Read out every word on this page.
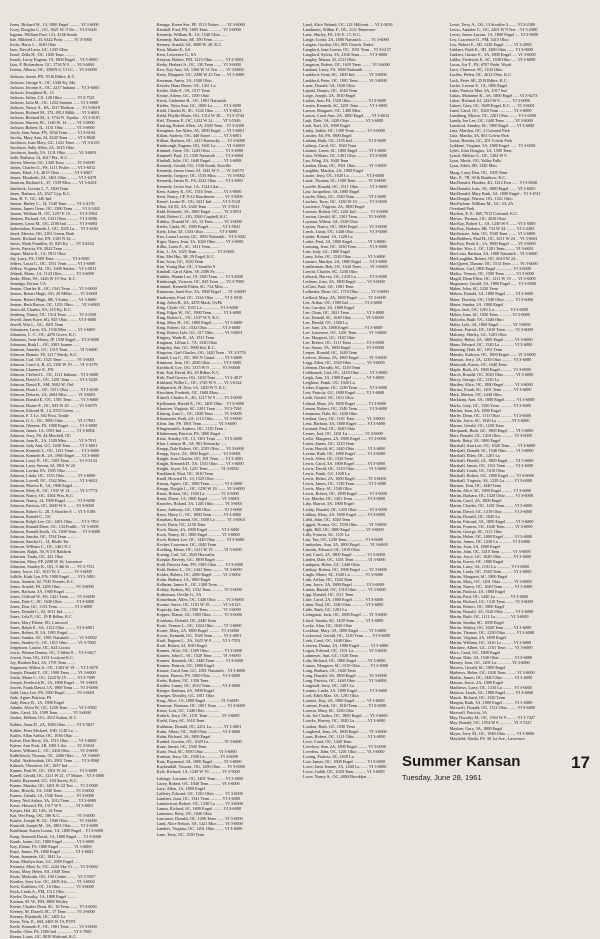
Ivens, Richard W., 13, 1800 Engel .......... VI 3-6000
Ivory, Douglas C., GC, 5621 W. 9 Ter ... VI 3-6441
Ingram, William Paul, 131, 4146 South
Isle, Mildred J., 43, 6322 Princ ......... VI 3-5000
Irwin, Harry L., 1040 Ohio
Izzo, David Leon, GC, 1235 Ohio
Israel, Zella H., OC, 1020 Tenn ...........
Israeli, Leroy Eugene, 19, 1800 Engel ... VI 3-6000
Izzo, P. Richardson, GC, 1734 N 9 ...... VI 3-6861
Ivrieta, Alberta, OC, 3500N 6, T.O.C. ... VI 3-6000
Jackson, Annie, PN, 39 & Rdbre, K.C.
Jackson, George S., OC, 1340 Ky, Mo.
Jackson, Jerome A., OC, 2217 Indiana .... VI 3-6003
Jackson, Josephine R., 13
Jackson, Julius, CA, 128 Ohio ............. VI 3-7521
Jackson, Julia M., OC, 1232 Stanton ...... VI 3-6000
Jackson, Nancy A., 8A, 1517 Hodson ...... VI 3-6618
Jackson, Richard M., 174, 4912 Milth ..... VI 3-6001
Jackson, Richard M., 3, 1734 N. Topeka .. VI 3-6101
Jackson, Warren, 8C, 1140 W. 14 ........ VI 3-5000
Jackson, Robert, IL, 1131 Ohio ........... VI 3-6000
Jacob, Jean Anna, FN, 1034 Tenn ........ VI 3-6104
Jacobs, Mary Ann, 24, 4220 Tenn ........ VI 3-8626
Jacobson, Joan Mary, GC, 1241 Tenn ...... VI 3-6153
Jacobson, Sally Allen, 2A, 1615 Ohio
Jacobson, Sandy, 5A, 1131 Ohio ........... VI 3-6001
Jaffe, Barbara, 14, 2617 Pla., K.C. ...
Jaiven, Marvin, GC, 1320 Tenn ........... VI 3-6000
James, Charles G., FS, 1111 Fisher ...... VI 3-6012
James, Ethel, 1A, 4015 Ohio ............. VI 3-6007
James, Elizabeth, 2A, 1401 Ohio .......... VI 3-6478
Jamison, Richard L., 47, 1539 Miss ...... VI 3-6204
Jancheck, Loretta J., 7, 1300 Tenn
Janes, Barbara, 2A, 2527 Cyp, K.C.
Jans, R. V., GC, 340 Ind
Jansen, Harley C., 14, 1540 Tenn ........ VI 3-4176
Jansen, James Gene, OC, 1500 Tenn ........ VI 3-5441
Jansen, William H., OC, 1257 E 19 ....... VI 3-5904
Jantzen, Richard, 3A, 1431 Ohio ........... VI 3-6906
Jantzen, Leota M., OC, 2100 Ind ........... VI 3-6004
Jaskevtskas, Kenneth J., OC, 1025 La .... VI 3-6102
Jared, Mervin, OG, 2101 Green, Berk
Jarrett, Richard Joe, FN, 1301 N 34 ....
Jarvis, Mark Franklin, 31, 845 Ky ...... VI 3-4234
Jarvis, Patricia, FS, 2042 Tenn ..........
Jasper, Mattie E., 1A, 5011 Ohio
Jay, Larry, FS, 1500 Tenn ................ VI 3-6001
Jeffers, Lucia C., OC, 1551 Tenn ......... VI 3-6000
Jeffrey, Virginia M., OC, 1600 Sutters .. VI 3-5031
Jelinek, Marie, 1A, 1123 Ohio ............ VI 3-6000
Jenks, Ellen, 8A, 1426 W 19 Terr, K.C.
Jennings, Kirton, CA
Jensen, Charles K., OC, 1541 Tenn ....... VI 3-6000
Jensen, Robert Hugh, OG, 20 Miller ...... VI 3-6601
Jensen, Robert Hugh, SB, 3 Sutter ........ VI 3-6600
Jensen, Barb Brown, OC, 1251 Ohio ....... VI 3-6000
Jensvold, Charles, 8A, 215 Ky, K.C.
Jernberg, Nancy, OC, 1514 Tenn ........... VI 3-5581
Jewell, Janet Kaye, 6G, 945 Ohio ......... VI 3-6000
Jewell, Wm L., GC, 1601 Tenn
Johannsen, Larry, 3A, 1530 Miss ......... VI 3-6005
Johansen, C. C., OC, 4276 Grove, K.C.
Johansen, Gene Henry, IP, 1530 Engel .... VI 3-6000
Johansen, Ruth L., OC, 3303 Joanne ......
Johnson, Annette, GC, 1515 Tenn .......... VI 3-6000
Johnson, Bonnie, FS, 3217 Wardy, K.C.
Johnson, Carl, OC, 1525 Tenn ............. VI 3-6001
Johnson, Carol A, R, 43, 1350 W 19 ...... VI 3-3179
Johnson, Clarence E., FN
Johnson, Clifford L., OC, 1111 Indiana .. VI 3-6000
Johnson, David L., OC, 1201 Tenn ........ VI 3-5228
Johnson, David E., SM, 5602 W. Ord
Johnson, Dean L., OC, 1551 Ohio .......... VI 3-6230
Johnson, Delores, 2A, 2604 Miss ......... VI 3-6001
Johnson, Donald E., OC, 1501 Tenn ....... VI 3-6000
Johnson, Duane E., OC, 843 W 20 ........ VI 3-6079
Johnson, Edward H., 14, 5555 Green ......
Johnson, F. J. Le, 302 First, Trndle
Johnson, G. L., OC, 5000 Ohio ............ VI 3-7001
Johnson, Glennie, FS, 1900 Engel ......... VI 3-6000
Johnson, James, 1A, 1505 Ind ............. VI 3-6004
Johnson, Jerry, FS, 44 Mitchell, OC
Johnson, Joan K., 2A, 1529 Miss .......... VI 3-7911
Johnson, Judy Ann, GC, 1430 Tenn ....... VI 3-6001
Johnson, Kenneth L., OC, 1211 Tenn ...... VI 3-6000
Johnson, Kenneth R., 2A, 1900 Engel ..... VI 3-6600
Johnson, Larry N., OC, 1305 Tenn ........ VI 3-3134
Johnson, Larry Steven, 6J, 1801 W 24
Johnson, Lavina, 8A, 1505 Ohio ..........
Johnson, Linda, OC, 1333 Ohio ........... VI 3-6000
Johnson, Lowell, OC, 1542 Miss ........... VI 3-6022
Johnson, Marvin E., 3A, 1900 Engel ......
Johnson, Mary K., OC, 1535 W 14 ........ VI 3-7772
Johnson, Nancy, OC, 4104 Wm, K.C.
Johnson, Nancy, 14, 1900 Engel .......... VI 3-6000
Johnson, Patricia, OC, 2600 W 6 ........ VI 3-6000
Johnson, Robert G., 20, 3 Stouffer 8 .... VI 3-5186
Johnson, Ronald C., OC
Johnson, Rolph Lee, GC, 1201 Ohio ....... VI 3-7811
Johnson, Ronald Dene, OC, 134 Frnhls .. VI 3-6000
Johnson, Ronald Keith, 1A, 1300 Tenn .... VI 3-6000
Johnson, Sandra, OC, 1534 Tenn ..........
Johnson, Sandra G., 14, Bluffs Ter
Johnson, William C., OC, 1461 N 2
Johnston, Ralph, 30, N 3 S Baldwin
Johnston, Trudy, OC, 421 Ohio
Johnston, Mary, FP, 2208 W 16, Lawrence
Johnston, Stanley K., OG, 3 4th St ...... VI 3-7511
Joiner, Joyce, GC, 1615 W. 2 ............ VI 3-6000
Jolliffe, Kath Lyn, FN, 1900 Engel ...... VI 3-5001
Jonas, Annette, 6J, 7545 Everett, K.C.
Jones, Arnold, FS, 2205 Ohio ............. VI 3-6000
Jones, Barbara, 3A, 1900 Engel ..........
Jones, Clifford W., FS, 1421 Tenn ....... VI 3-6000
Jones, Dale C., 8C, 1630 Ohio ............ VI 3-6000
Jones, Don, GC, 1133 Tenn ............... VI 3-6000
Jones, Donald C., 6J, 1011 Ind ..........
Jones, Lela P., OC, 19 B Rdbre, K.C.
Jones, Mary Elaine, 8G, Linwood
Jones, Ralph E., SA, 1121 Ohio .......... VI 3-6001
Jones, Robert, R, 2A, 1801 Engel ........
Jones, Sandra, GC, 1801 Naismith ........ VI 3-6002
Jones, Stanley O., OC, 1811 Ohio ........ VI 3-7000
Jorgenson, Louise, OC, 624 Locust
Jorris, Winton Dennis, OC, 3 Stffer 8 ... VI 3-6617
Jowett, Ivan, OG, 2151 Lockout K.C.
Joy, Reuben Earl, 3A, 1701 Tenn ........
Jorgensen, Wilma A., OC, 1303 W 19 .... VI 3-6570
Joseph, Donald T., OC, 1900 Tenn ....... VI 3-6000
Joslin, Marie C., OC, 1224 W 19 ......... VI 3-7009
Joseph, Frederick B., 1A, 1800 Engel .... VI 3-6001
Jowett, Frank David, 1A, 1800 Tenn ...... VI 3-6000
Judd, Gary Lee, PS, 1500 Engel .......... VI 3-6001
Jude, Agnes Patricia, PS
Judy, Bruce R., 1A, 1800 Engel
Juhnke, Alvin W., OC, 1230 Tenn ......... VI 3-5500
Jules, Carol, 3A, 1509 Tenn ............. VI 3-6000
Jurden, Delbert, OG, 4512 Sutton, K.C.
Kahler, Anna D., 2A, 1040 Ohio ......... VI 3-5827
Kahler, Peter Michael, 10D, 1140 La ....
Kailin, Allan Arthur, OC, 1036 Ohio ......
Kaiser, Don Berry, 3A, 1515 Ohio ........ VI 3-6000
Kaiser, Ann Pratt, 2B, 1801 Lilac ........ VI 3-6041
Kaiser, William L., OC, 2416 Ohio ........ VI 3-6000
Kalbfleisch, Thomas, OC, 2406 Ohio ...... VI 3-6000
Kallal, Abdelwahab, OG, 2901 Tenn ....... VI 3-8560
Kalinch, Theodore, OC, 1037 Ind .........
Kamm, Paul W., GC, 1301 W 24 ........... VI 3-6000
Kanell, Gerald, OC, 1211 W 21, 17 Matter .. VI 3-5000
Kaniti, Raymond, GC, 104 Surrey, K.C.
Kanne, Marsha, OC, 1401 W 24 Terr ..... VI 3-5000
Kano, Hiroshi, 3A, 1040 Tenn ............ VI 3-6004
Kantor, Gerald, 1A, 1540 Tenn ........... VI 3-6000
Karny, Neil Arthur, 3A, 1012 Tenn ....... VI 3-6000
Kaser, Howard, FS, 1317 W 9 ............ VI 3-6001
Kasper, Hal, 20, 14A, 14 Tenn
Kat, Wei Pang, OG, 186 K.C. .............. VI 3-6000
Kaufer, Joseph H, GC, 1040 Ohio ......... VI 3-6000
Kaufold, Joseph M., 3A, 1801 Ohio ....... VI 3-6000
Kauffman, Karen Louise, 1A, 1800 Engel .. VI 3-6000
Kaup, Kenneth David, 1A, 1800 Engel ..... VI 3-6000
Kauth, Joann, GC, 1800 Engel ............ VI 3-6000
Kay, Elaine, FS, 1800 Engel ............. VI 3-6000
Kaye, James, FS, 1800 Engel ............. VI 3-6602
Kean, Jeannette, GC, 1841 La ............
Kean, Marilyn Jean, GC, 2005 Engel .....
Kearney, Mary Jo, OG, 2222 Sky Ct ...... VI 3-6002
Keast, Mary Helen, 8A, 1040 Tenn
Keats, Malcolm, OG, 100 Center ......... VI 3-5507
Keatley, Jerry Lee, OC, 2409 Ala ........ VI 3-6004
Keck, Kathleen, OC, 10 Ohio ............. VI 3-6000
Keck, Linda A., FM, 1512 Ohio ...........
Keeler, Dorothy, 1A, 1800 Engel .........
Keenan, M. W., FM, 3808 Wesley
Keene, Charles Dean, 8C, 10 Tenn ........ VI 3-6001
Keeney, M. Darrell, 8C, 17 Tenn ......... VI 3-6000
Keeney, Elizabeth, OC, 1402 La
Keest, Wm. E., 6M, 2405 W 19, PVFI
Keele, Kenneth F., OC, 1801 Tenn ........ VI 3-6000
Keelin, Olen, FS, 1500 Ind ............... VI 3-7000
Keena, Louis, OC, 8010 Walrond, K.C.
Kenage, Karen Sue, FF, 1513 Naism ...... VI 3-6000
Kendall, Fred, PN, 1805 Tenn ............. VI 3-6000
Kennedy, William R., 1A, 1540 Ohio ......
Kennedy, Barbara, 6E, 100 Tenn ...........
Kenney, Arnold, 6A, 3000 W. 40, K.C.
Kent, Martin E., 6A
Kent, Lawrence G., 6A
Kenyon, Robert, FM, 1215 Ohio ........... VI 3-5002
Kerby, Herbert Jr., OC, 130 Tenn ........ VI 3-6000
Kerr, Kay Ann, 3A, 1300 W 31 Terr ...... VI 3-6000
Kertz, Margaret, OC, 2300 W 23 Terr .... VI 3-6000
Kerzman, Amos, 3A, 1500 Ohio
Kessler, Hans Dieter, OC, 1411 La
Kettler, Dale F., 3A, 1517 Tenn
Keune, Arlene, GC, 1100 Ohio
Kieck, Catherine H., OC, 1801 Naismith
Kieffer, Neva Ann, GC, 1000 La ......... VI 3-6000
Kiehl, Charles R., 8C, 1532 Ohio ........ VI 3-6823
Kiehl, Phyllis Marie, OG, 1314 W 30 .... VI 3-3744
Kiel, Thomas P., OC, 1232 W 24 ........ VI 3-5346
Kiesling, Robert Allen, 1A, 2300 Tenn .. VI 3-6300
Kemptner, Jon Allen, 3A, 1800 Engel .... VI 3-6001
Kilian, Andrew, OG, 440 Street ........... VI 3-6001
Killian, Barbara, OC, 1411 Kentucky ..... VI 3-6000
Kimbrough, Eugene, OG, 1601 La ......... VI 3-6000
Kimmel, Gene, OC, 1245 Ohio ............. VI 3-6000
Kimmell, Paul, 13, 1330 Naismith ........ VI 3-6004
Kimball, Julie, OC, 1640 Engel ........... VI 3-6008
Kennedy, Gerald, OG, 1530 South, Kmville
Kennedy, James Gene, 6J, 1441 W 9 ..... VI 3-6579
Kennedy, Gregory, OC, 1516 Miss ......... VI 3-6002
Kennedy, James R., FS, 2223 Ohio ....... VI 3-6001
Kennedy, Lewis Sue, 1A, 1124 Lilac ......
Kent, Audrey E., OC, 1516 Tenn ......... VI 3-6000
Kent, Nancy, CF, 9-12 Hawthorne ........ VI 3-5000
Ketzel, Lester D., OG, 1621 Ind ......... VI 3-5118
Khan, Ali M., 3A, 2320 Tenn ............. VI 3-5021
Kidd, Kenneth, 3A, 1800 Engel ........... VI 3-5051
Kidd, Robert C., OG, 2560 Crsphell, K.C.
Kiddoo, Donald W., 3A, 12 Tenn ......... VI 3-6000
Kiefer, Linda, 8C, 1800 Engel ............ VI 3-5041
Kiely, John, 3Z, 1333 Ohio .............. VI 3-6000
Kier, Laura Lavern, GC, 1800 Naismith .. VI 3-5041
Kiger, Nancy Jean, 3A, 1020 Ohio ........ VI 3-6000
Killin, Louis E., 6C, 1411 Tenn .........
Kim, J., 3A, 1025 Tenn .................. VI 3-6001
Kim, Mei Hui, 3B, 29 Engel, K.C.
Kim, Soon, GC, 1020 Tenn
Kim, Young Bae, OC, 3 Stouffer 8
Kimball, Carol Allen, 3F, 2306 Pa ........
Kimber, Wanda Lee, 19, 1500 Tenn ...... VI 3-2000
Kimbrough, Victoria, OC, 843 Tenn ...... VI 3-7880
Kimmel, Kenneth Elden, 6C, 714 Miss ....
Kimmons, Janet Eve, 3A, 1800 Engel ..... VI 3-6000
Kindsvater, Fred, OC, 1334 Ohio ......... VI 3-5010
King, Arlen R., 6A, 4278 Mach, OvPk
King, Clyde, OC, 1031 La ................ VI 3-6000
King, Edgar W., OC, 1900 Tenn .......... VI 3-6000
King, Robert L., OC, 1537 W 9, K.C.
King, Mary H., OC, 1800 Engel ........... VI 3-6000
King, Robert, GC, 1532 Ohio ............. VI 3-6000
King, Robert Lyle, GC, 317 Ohio ......... VI 3-6001
Kingery, Wade R., 3A, 1511 Tenn
Kingman, Lillian J., 7A, 1520 Ohio
Kingsley, Sue, GC, 5900 Ind, K.C.
Kingston, Gail Charles, OG, 1420 Tenn .. VI 3-3776
Kinnel, Lou C., OC, 300 N Grand ........ VI 3-6000
Kinnison, Jean, OC, 2030 Ohio ........... VI 3-6000
Kirchhoff, Lee, OG, 1315 W 9 ........... VI 3-6000
Kirk, Earl David, 6G, 29 Rdbre, K.C.
Kirk, Paul Grover, OG, 1204 Tenn ....... VI 3-4017
Kirkland, Willie L., OC, 1745 W 9 ...... VI 3-6124
Kirkpatrick, H. Don, 1A, 1200 W 9, K.C.
Kirschten, Frederik, OC, 1600 Mass ......
Kittrell, Charles A., 4G, 1217 W 9 ....... VI 3-6000
Kjellstrand, Harold E., OC, 1405 Ohio .. VI 3-6000
Klaassen, Virginia, 6C, 1201 Tenn ....... VI 3-7261
Klasing, Joan C., OC, 1020 Tenn ......... VI 3-6000
Klausmeier, Ruth, 2A, 1115 Ohio ........ VI 3-6000
Klein, Jim, PS, 1801 Tenn ............... VI 3-6000
Klingensmith, Andrew, OC, 1135 Tenn ...
Klinkerman, Patricia, PS, 1800 Engel ...
Klotz, Stanley, OC, 13, 1301 Tenn ....... VI 3-4000
Klun, Lorenzo H., 3A, 901 Kentucky ......
Knapp, Dale Robert, OC, 2105 Ohio ..... VI 3-6000
Knapp, Joyce, 2A, 1800 Engel ............ VI 3-6001
Knight, Joan Charles, OC, 501 Tenn ..... VI 3-4001
Knight, Kenneth D., 5A, 1531 Ohio ...... VI 3-6000
Knight, Joyce, 3A, 1221 Tenn ........... VI 3-6002
Knoblauch, Paul, OC, 1610 Tenn
Knoll, Howard H., 13, 1525 Ohio ........
Knoop, Agnes, OC, 1000 Tenn ............. VI 3-6000
Knopp, Dwight L., OC, 1230 W 19 ........ VI 3-6000
Knorr, Robert, OC, 1920 La .............. VI 3-5000
Knott, Diane, 1A, 1800 Engel ............ VI 3-6001
Knowles, Roland, 3A, 1201 Ohio ......... VI 3-6001
Knox, Anthony, GC, 1500 Ohio ........... VI 3-6000
Knox, Harry C., OC, 1800 Tenn .......... VI 3-6000
Knudsen, Raymond, OC, 1600 La .......... VI 3-6004
Koch, Doris, OC, 2150 Tenn
Koch, Marie, 2A, 1800 Engel ............ VI 3-6000
Koch, Nancy, 6C, 1800 Engel ............ VI 3-6000
Koch, Robert Lee, OC, 1440 Ohio ......... VI 3-6000
Kocher, Lawrence, OC, 1040 Tenn
Koelling, Elmer, OC, 1411 W 19 ......... VI 3-6000
Koenig, Carl, GC, 3525 Hiawatha
Koepke, Beverly, GC, 1800 Engel ........
Kohl, Patricia Ann, PN, 1305 Ohio ....... VI 3-6000
Kohl, Robert L., OC, 1441 Tenn .......... VI 3-6000
Kohler, Robert, OC, 2000 Engel ......... VI 3-6002
Kohn, Barbara, 1A, 1800 Engel
Kollman, James E., OC, 1300 Tenn ......
Kolsky, Sydney, 8G, 1532 Tenn ........... VI 3-6000
Kolterman, Orville G., 3A
Konzelman, Allen, OC, 1440 Ohio ........ VI 3-6000
Koontz, Steve, OC, 1101 W 19 ........... VI 3-6123
Kopecky, Jan, OC, 1500 Tenn ............. VI 3-6000
Koppes, Elaine, GC, 1005 Ohio ........... VI 3-6000
Kornhaus, Donald, OC, 2440 Tenn
Korte, Vernon L., OC, 1424 Ohio ........ VI 3-6000
Koster, Mary, 2A, 1800 Engel ........... VI 3-6000
Kovac, Kenneth, OC, 1020 Tenn ......... VI 3-6001
Kraft, Eugene L., 2A, 1625 W 9 ......... VI 3-7553
Kraft, Robert, 6J, 1020 Engel
Kramer, Alice, OC, 1509 Ohio ............. VI 3-6000
Kramer, John C., 6C, 1520 Tenn ......... VI 3-6000
Kramer, Kenneth, OC, 1440 Tenn ......... VI 3-6000
Kramer, Patricia, OC, 1800 Engel
Krause, Carol Ann, GC, 1801 Naismith .. VI 3-6000
Krause, Harvey, PS, 1000 Ohio .......... VI 3-6000
Krebs, Robert, OC, 1350 Tenn
Kreider, Lanny, OC, 2014 Tenn .......... VI 3-6000
Krieger, Barbara, 2A, 1800 Engel
Krueger, Dorothy, GC, 1811 Ohio
Krug, Alice, 1A, 1800 Engel ............. VI 3-6000
Krumme, Norman, OC, 1001 Tenn ......... VI 3-6000
Kruse, Lois, GC, 1440 Ohio .............
Kubick, Jerry, OC, 1101 Tenn ............ VI 3-6000
Kuehl, Gary, 6C, 1610 Tenn
Kuhlman, Donald, OC, 2231 La .......... VI 3-4001
Kuhn, Albert, OC, 1640 Ohio ............. VI 3-6000
Kuhn, Richard, 3A, 1800 Engel
Kunkel, Gordon, OC, 1020 La ............. VI 3-6000
Kunz, James, OC, 1500 Tenn
Kurtz, Paul, 6C, 1050 Ohio ............. VI 3-6000
Kushnir, Jerry, OC, 1930 La ............. VI 3-6000
Kutz, Raymond, 3A, 1800 Engel ......... VI 3-6000
Kuykendall, Vincent, OG, 1200 Ohio ..... VI 3-6000
Kyle, Richard, 1A, 1240 W 19 ........... VI 3-5000
Labarge, Lorraine, OC, 1401 Tenn ........ VI 3-6000
Lacey, Robert, OC, 1040 Tenn ........... VI 3-6000
Lacy, Allen, 1A, 1800 Engel
Lafferty, Edward, OC, 1201 Ohio ......... VI 3-6000
Lambert, Joan, OC, 1541 Tenn ........... VI 3-6000
Lambertson, Robert, OC, 1330 La ........ VI 3-6000
Lamm, Richard, 6C, 1800 Engel ......... VI 3-6000
Lammers, Betty, OC, 1020 Ohio
Lancaster, Donald, OC, 1200 Tenn ....... VI 3-6000
Land, Alice Nelson, 3A, 1421 Miss ...... VI 3-6000
Landers, Virginia, OC, 1201 Ohio ........ VI 3-6000
Lane, Terry, OC, 1530 Tenn
Land, Alice Nelund, OC, 121 Hillcrest .... VI 3-3036
Landsness, Wilbur F., OC, 1111 Tennessee
Lane, Shirley, FS, 101 E. 17, K.C.
Lange, Lorita, 2A, 1800 Naismith ........ VI 3-6000
Langen, Gordon, OG, 803 Church, Endor
Langford, Jean Louise, OC, 1051 Tenn .. VI 3-6157
Langford, Sylvia, 3A, 4106 Tenn ........ VI 3-6600
Langley, Maura, 3J, 2111 Ohio
Langston, Robert, OC, 1610 Tenn ......... VI 3-6000
Lanham, Larry, FS, 1800 Naismith ........
Lankford, Gene, 6C, 1400 Ind ............ VI 3-6000
Lankford, Peter, OC, 1801 Tenn ......... VI 3-6000
Lantz, Donald, 3A, 1020 Ohio
Laptad, Dennis, OC, 1040 Tenn
Large, Joseph, 2A, 1810 Engel
Larkin, Ann, FS, 1520 Ohio ............... VI 3-6000
Larsen, Kenneth, 6C, 1201 Tenn ......... VI 3-6000
Larson, Margaret, OC, 1400 Miss
Larson, Carol Ann, 2A, 1800 Engel ...... VI 3-6012
Lash, Dale, 3A, 1420 Ohio .............. VI 3-6000
Lash, Karl, 3A, 1800 Engel
Lasky, Judith, OC, 1300 Tenn ........... VI 3-6000
Lassiter, Ed, FS, 1800 Engel
Latham, Ruth, OC, 1105 Ind .............. VI 3-6000
Lathrop, Carol, GC, 1020 Tenn
Latimer, Loren, 6C, 1800 Engel ......... VI 3-6000
Latta, William, OC, 1401 Ohio ........... VI 3-6000
Lau, Wing, 3A, 1640 Tenn
Laudon, Dean, OC, 1921 Ohio ........... VI 3-6000
Laughlin, Marilyn, 2A, 1800 Engel
Laurie, Jerry, OC, 1020 La ............... VI 3-6000
Lautz, Thomas, 6C, 1500 Tenn .......... VI 3-6000
Lavelle, Ronald, OC, 1311 Ohio ......... VI 3-6000
Law, Jacqueline, 3A, 1800 Engel
Lawler, Mary, GC, 1540 Tenn ............ VI 3-6000
Lawless, Terry, OC, 1230 W 19 .......... VI 3-6000
Lawrence, Virginia, 2A, 1800 Engel
Lawson, Robert, OC, 1201 Ind ............ VI 3-6000
Lawton, Gerald, 6C, 1301 Tenn ......... VI 3-6000
Layman, Wilma, 3A, 1520 Ohio
Layton, Nancy, OC, 1800 Engel ......... VI 3-6000
Leach, Linda, OC, 1440 Ohio ............. VI 3-6000
Leader, Roland, 1A, 1220 La
Leake, Fred, 3A, 1800 Engel ............. VI 3-6000
Leaming, Jean, OC, 1030 Tenn ........... VI 3-6000
Lear, Judy, GC, 1800 Engel
Leary, John, OC, 1520 Ohio .............. VI 3-6000
Leasure, Marilyn, 2A, 1800 Engel ...... VI 3-6000
Leatherman, Bob, OC, 1620 Tenn ....... VI 3-6000
Leavitt, Charles, 6C, 1230 Ohio
Lebsack, Harvey, OC, 1410 La ........... VI 3-6000
Lechner, Joan, 3A, 1800 Engel ......... VI 3-6000
LeClair, Paul, OC, 1001 Tenn
Ledbetter, Dean, GC, 1710 Ohio .......... VI 3-6000
Ledford, Mary, 2A, 1800 Engel ......... VI 3-6000
Lee, Arthur, OC, 1500 Ind .............. VI 3-6000
Lee, Carolyn, 3A, 1800 Engel
Lee, Chun, OC, 1021 Tenn ............... VI 3-6000
Lee, Donald, 6C, 1640 Ohio ............ VI 3-6000
Lee, Harold, OC, 1500 La
Lee, Jane, 2A, 1800 Engel .............. VI 3-6000
Lee, Lawrence, OC, 1201 Tenn .......... VI 3-6000
Lee, Margaret, GC, 1320 Ohio
Lee, Robert, OC, 1111 Tenn ............. VI 3-6000
Lee, Susan, 3A, 1800 Engel ............. VI 3-6000
Leeper, Ronald, OC, 1440 Tenn
Lefevre, Donna, 2A, 1800 Engel ........ VI 3-6000
Legg, Allen, OC, 1520 Ohio ............. VI 3-6000
Lehman, Dorothy, 6C, 1210 Tenn
Leibbrandt, Carl, OC, 1410 Ohio ........ VI 3-6000
Leigh, Ann, 3A, 1800 Engel ............. VI 3-6000
Leighton, Frank, OC, 1020 La
Leiker, Eugene, OC, 1230 Tenn .......... VI 3-6000
Leis, Patricia, GC, 1800 Engel ......... VI 3-6000
Leith, Gerald, OC, 1011 Ohio
Leland, Mary, 2A, 1800 Engel ........... VI 3-6000
Lemon, Robert, OC, 1540 Tenn .......... VI 3-6000
Lemmons, Dale, 6C, 1430 Ohio
Lenhart, Gary, OC, 1101 Tenn .......... VI 3-6000
Lenz, Barbara, 3A, 1800 Engel ......... VI 3-6000
Leonard, Paul, OC, 1620 Ohio
Lerner, Joel, OC, 1201 La ............... VI 3-6000
Leslie, Margaret, 2A, 1800 Engel ...... VI 3-6000
Lester, James, OC, 1210 Tenn
Levin, Harold, 6C, 1440 Ohio ........... VI 3-6000
Levine, Ruth, OC, 1800 Engel .......... VI 3-6000
Lewis, Allen, OC, 1520 Tenn
Lewis, Carol, 3A, 1800 Engel ........... VI 3-6000
Lewis, David, OC, 1310 Ohio ............ VI 3-6000
Lewis, Frank, GC, 1020 La
Lewis, Helen, 2A, 1800 Engel ........... VI 3-6000
Lewis, James, OC, 1130 Tenn ............ VI 3-6000
Lewis, Mary, 6C, 1540 Ohio
Lewis, Robert, OC, 1800 Engel .......... VI 3-6000
Ley, Martha, OC, 1201 Tenn ............. VI 3-6000
Liby, Sharon, 3A, 1800 Engel
Lichty, Donald, OC, 1410 Ohio .......... VI 3-6000
Lidikay, Mary, 2A, 1800 Engel ......... VI 3-6000
Liebl, John, OC, 1020 Tenn
Liggett, Norma, GC, 1530 Ohio ......... VI 3-6000
Light, Bill, OC, 1800 Engel ............. VI 3-6000
Lilly, Frances, 6C, 1101 La
Lim, Tan, OC, 1230 Tenn ................ VI 3-6000
Limbocker, Ann, 3A, 1800 Engel ........ VI 3-6000
Lincoln, Edward, OC, 1610 Ohio
Lind, Carol, 2A, 1800 Engel ............. VI 3-6000
Linden, Dale, OC, 1201 Tenn ............ VI 3-6000
Lindquist, Helen, GC, 1440 Ohio
Lindsay, Robert, OC, 1800 Engel ....... VI 3-6000
Lingle, Marie, 6C, 1020 La ............. VI 3-6000
Link, Arthur, OC, 1520 Tenn
Linn, Joyce, 3A, 1800 Engel ............ VI 3-6000
Linton, Harold, OC, 1310 Ohio ......... VI 3-6000
Lipp, Donald, OC, 1111 Tenn
Lisle, Carol, 2A, 1800 Engel ........... VI 3-6000
Litten, Paul, OC, 1540 Ohio ............ VI 3-6000
Little, Ruth, GC, 1201 La
Livingston, Jack, OC, 1800 Engel ...... VI 3-6000
Lloyd, Sandra, 6C, 1430 Tenn ......... VI 3-6000
Locke, Alan, OC, 1020 Ohio
Lockhart, Mary, 3A, 1800 Engel ........ VI 3-6000
Lockwood, Gerald, OC, 1210 Tenn ....... VI 3-6000
Loeb, Carol, OC, 1640 Ohio
Loewen, Donna, 2A, 1800 Engel ......... VI 3-6000
Logan, Edward, OC, 1101 La ............. VI 3-6000
Lohmeyer, Ann, GC, 1520 Tenn
Lohr, Richard, OC, 1800 Engel ......... VI 3-6000
Lomax, Margaret, 6C, 1310 Ohio ........ VI 3-6000
Long, Barbara, OC, 1020 Tenn
Long, Donald, 3A, 1800 Engel ........... VI 3-6000
Long, Patricia, OC, 1440 Ohio ........... VI 3-6000
Longstaff, Jerry, OC, 1201 La
Loomis, Linda, 2A, 1800 Engel .......... VI 3-6000
Lord, Edith Mae, 3A, 1201 Ohio
Loriaux, Kay, 2A, 1800 Engel .......... VI 3-6000
Lorimer, Frank, OC, 1610 Tenn ......... VI 3-6000
Lorrain, Mary, 6C, 1230 Ohio
Lott, Joe Charles, OC, 1800 Engel ...... VI 3-6000
Loucks, Harvey, OC, 1020 La ........... VI 3-6000
Loudon, Ruth, GC, 1530 Tenn
Lougheed, Jean, 3A, 1800 Engel ........ VI 3-6000
Louis, Robert, OC, 1111 Ohio ........... VI 3-6000
Love, Carol, OC, 1440 Tenn
Lovelace, Ann, 2A, 1800 Engel ......... VI 3-6000
Loveless, John, OC, 1201 Ohio ........ VI 3-6000
Loving, Patricia, 6C, 1610 La
Low, James, OC, 1800 Engel ............ VI 3-6000
Lowe, Janis Jeanne, 3A, 1440 La ....... VI 3-6000
Lowe, Judith, OC, 1020 Tenn ........... VI 3-6000
Lowe, Nancy S., OC, 4804 Brooklyn .....
Lowe, Terry A., OG, 13 Stouffer 3 ....... VI 3-2300
Lewis, Annalee C., OC, 2201 W 9 Terr .. VI 3-2300
Lewis, James Lucian, 1A, 1800 Engel .... VI 3-6000
Loy, Lawrence G., FM, 3415 Ohio
Loy, Robert E., 6D, 1230 Engel ........ VI 3-2000
Lubbert, Faith E., 3D, 1300 Ohio ....... VI 3-6000
Lubbert, Gustav E., 3A, 1800 Engel ..... VI 3-6000
Lubbs, Frederick E., 6C, 1630 Ohio ..... VI 3-6000
Lucas, Joe T., FS, 6707 Pride, Wyatt
Luce, Clarence, 8C, 1104 Ohio
Lucibn, Helen, OC, 2612 Ohio, K.C.
Luck, Peter, 6E, 25 B Rdbre, K.C.
Lucke, Lavern F., 1A, 1800 Engel
Luke, Patricia Mae, 3A, 1017 Ind
Lukas, Marianne K., 3A, 1800 Engel ..... VI 3-6273
Luker, Richard, 6J, 1423 W 9 .......... VI 3-6000
Lukert, Gary, OC, 3609 Engel, K.C. .... VI 3-6001
Lund, Carol, OC, 1620 Tenn ............. VI 3-6000
Lundberg, Myron, OC, 1201 Ohio ........ VI 3-6000
Lundy, Joe Lee, OC, 1440 Tenn ......... VI 3-6000
Lunsford, Stanley, 6C, 1800 Engel ...... VI 3-6000
Lutz, Marilyn, OC, 2 Colonial Park
Lutz, Martha, 3A, 801 Colvin Park
Luzar, Rosetta, GC, 201 Colvin Park
Lyddane, Virginia, 3A, 1800 Engel ....... VI 3-6001
Lyles, John Douglas, 3A, 1500 Tenn
Lynch, Melvin G., OC, 1302 W 9
Lyon, Merle, OG, Valley Falls
Lyon, Edith, 8D, 1320 Miss
Maag, Larry Don, OC, 1305 Tenn
Mac, F., 7B, 30 & Rainbow, K.C.
MacDonald, Heather, 4G, 1212 Ken ...... VI 3-6040
MacDonald, Joan, 3A, 1800 Engel ....... VI 3-6003
MacDonald, Mary Ruth, 3A, 1800 Engel .. VI 3-4511
MacDougal, Warren, OG, 1521 Ohio
MacFarlane, William M., GC, 53, 2A
Overland Park
Machen, E. E., 6M, 7515 Colonial, K.C.
Macias, Thomas, OC, 2016 Ohio
MacKay, Robert L., 3A, 1230 W 9 ....... VI 3-5000
MacKay, Barbara, 6B, 734 W 24 ......... VI 3-2405
MacKenzie, John, OC, 1940 Tenn ........ VI 3-6000
MacRobbers, Paul H., OC, 3211 W 24 ... VI 3-6061
MacKey, Reah A., 1A, 1800 Engel ....... VI 3-6000
Mackie, Wm. J., OC, 1201 Tenn ......... VI 3-6001
MacLean, Barbara, 3A, 1800 Naismith .. VI 3-6000
MacLaughlin, Robert, OC, 6610 W 24 ...
MacQueen, Dianne, OC, 1514 Tenn ....... VI 3-6000
Madison, Carl, 1800 Engel ............... VI 3-6000
Madoc, Vernon, OC, 1500 Tenn .......... VI 3-6000
Magill, Dean Ellen, OC, 1211 W 19 ..... VI 3-6000
Magnuson, Gerald, 3A, 1800 Engel ...... VI 3-6000
Maher, John, 6C, 1220 Tenn
Mahon, Donald, 3A, 1800 Engel ........ VI 3-6000
Maier, Dorothy, OC, 1540 Ohio ......... VI 3-6000
Maine, Sandra, 2A, 1800 Engel
Major, Jack, OC, 1201 La .............. VI 3-6000
Makin, Joan, 6C, 1030 Tenn ............ VI 3-6000
Malcolm, Ruth, OC, 1440 Ohio
Malin, Lyle, 3A, 1800 Engel ............ VI 3-6000
Malone, Patrick, OC, 1610 Tenn ........ VI 3-6000
Maloney, Shirley, GC, 1201 Ohio
Manley, Helen, 2A, 1800 Engel ......... VI 3-6000
Mann, Edward, OC, 1520 La ............. VI 3-6000
Manning, Dale, 6C, 1101 Tenn
Manske, Kathryn, OC, 1800 Engel ....... VI 3-6000
Manson, Jerry, 3A, 1230 Ohio .......... VI 3-6000
Mantooth, Karen, OC, 1640 Tenn
Maple, Ruth, 2A, 1800 Engel ........... VI 3-6000
March, Ronald, OC, 1020 Ohio .......... VI 3-6000
Marcy, George, GC, 1310 La
Marden, Alice, OC, 1800 Engel ......... VI 3-6000
Marino, Frank, 6C, 1201 Tenn .......... VI 3-6000
Mark, Marion, OC, 1440 Ohio
Markham, Ann, 3A, 1800 Engel .......... VI 3-6000
Marks, Gary, OC, 1520 Tenn ............ VI 3-6000
Marlatt, Joan, 2A, 1800 Engel
Marler, Dean, OC, 1111 Ohio ........... VI 3-6000
Marlin, Joyce, 6C, 1620 La ............. VI 3-6000
Marner, Gerald, OC, 1230 Tenn
Marquardt, Ruth, GC, 1800 Engel ...... VI 3-6000
Marr, Donald, OC, 1410 Ohio ........... VI 3-6000
Marsh, Betty, 3A, 1800 Engel
Marshall, Ann Lee, OC, 1020 Tenn ...... VI 3-6000
Marshall, Donald, 6C, 1540 Ohio ....... VI 3-6000
Marshall, Ellen, OC, 1201 La
Marshall, Harold, 2A, 1800 Engel ...... VI 3-6000
Marshall, James, OC, 1101 Tenn ........ VI 3-6000
Marshall, Linda, GC, 1610 Ohio
Marshall, Robert, OC, 1800 Engel ...... VI 3-6000
Marshall, Virginia, 3A, 1230 La ........ VI 3-6000
Marsten, Don, OC, 1440 Tenn
Martin, Alice, 6C, 1800 Engel .......... VI 3-6000
Martin, Barbara, OC, 1520 Ohio ........ VI 3-6000
Martin, Carol, 2A, 1800 Engel
Martin, Charles, OC, 1201 Tenn ........ VI 3-6000
Martin, David, GC, 1310 Ohio .......... VI 3-6000
Martin, Donald, OC, 1020 La
Martin, Edward, 3A, 1800 Engel ........ VI 3-6000
Martin, Frances, OC, 1640 Tenn ........ VI 3-6000
Martin, George, 6C, 1111 Ohio
Martin, Helen, OC, 1800 Engel ......... VI 3-6000
Martin, James, OC, 1230 La ............ VI 3-6000
Martin, Joan, 2A, 1800 Engel
Martin, John, OC, 1410 Tenn ........... VI 3-6000
Martin, Joyce, GC, 1620 Ohio .......... VI 3-6000
Martin, Karen, OC, 1800 Engel
Martin, Larry, 3A, 1101 La ............. VI 3-6000
Martin, Linda, OC, 1540 Tenn .......... VI 3-6000
Martin, Margaret, 6C, 1800 Engel
Martin, Mary, OC, 1201 Ohio ........... VI 3-6000
Martin, Nancy, OC, 1020 Tenn .......... VI 3-6000
Martin, Patricia, 2A, 1800 Engel
Martin, Paul, OC, 1440 La ............. VI 3-6000
Martin, Richard, GC, 1310 Tenn ........ VI 3-6000
Martin, Robert, OC, 1800 Engel
Martin, Ronald, 3A, 1520 Ohio .......... VI 3-6000
Martin, Ruth, OC, 1111 La ............. VI 3-6000
Martin, Sandra, 6C, 1800 Engel
Martin, Shirley, OC, 1620 Tenn ........ VI 3-6000
Martin, Thomas, OC, 1230 Ohio ......... VI 3-6000
Martin, Virginia, 2A, 1800 Engel
Martin, William, OC, 1410 La .......... VI 3-6000
Martinez, Albert, GC, 1101 Tenn ....... VI 3-6000
Marx, Carol, OC, 1800 Engel
Mason, Dale, 3A, 1540 Ohio ............. VI 3-6000
Massey, Joan, OC, 1201 La ............. VI 3-6000
Masters, Gerald, 6C, 1800 Engel
Mathews, Helen, OC, 1020 Tenn ......... VI 3-6000
Mathis, James, OC, 1440 Ohio .......... VI 3-6000
Matson, Joyce, 2A, 1800 Engel
Matthews, Larry, OC, 1310 La .......... VI 3-6000
Mattson, Linda, GC, 1800 Engel ........ VI 3-6000
Mauck, Richard, OC, 1520 Tenn
Maupin, Ruth, 3A, 1800 Engel .......... VI 3-6000
Maxwell, Donald, OC, 1111 Ohio ........ VI 3-6000
Maxwell, Patricia, 1A
May, Dorothy M., OC, 1954 W 9 ......... VI 3-7427
May, Ronald, OC, 1954 W 9 ............. VI 3-7427
Maybee, Gary, 3A, 1800 Engel
Mayer, Jerry M., OC, 1940 Ohio ......... VI 3-8000
Mayfield, Sheila, FS, 30 1st Ave., Lawrence
Summer Kansan
Tuesday, June 28, 1961
17
